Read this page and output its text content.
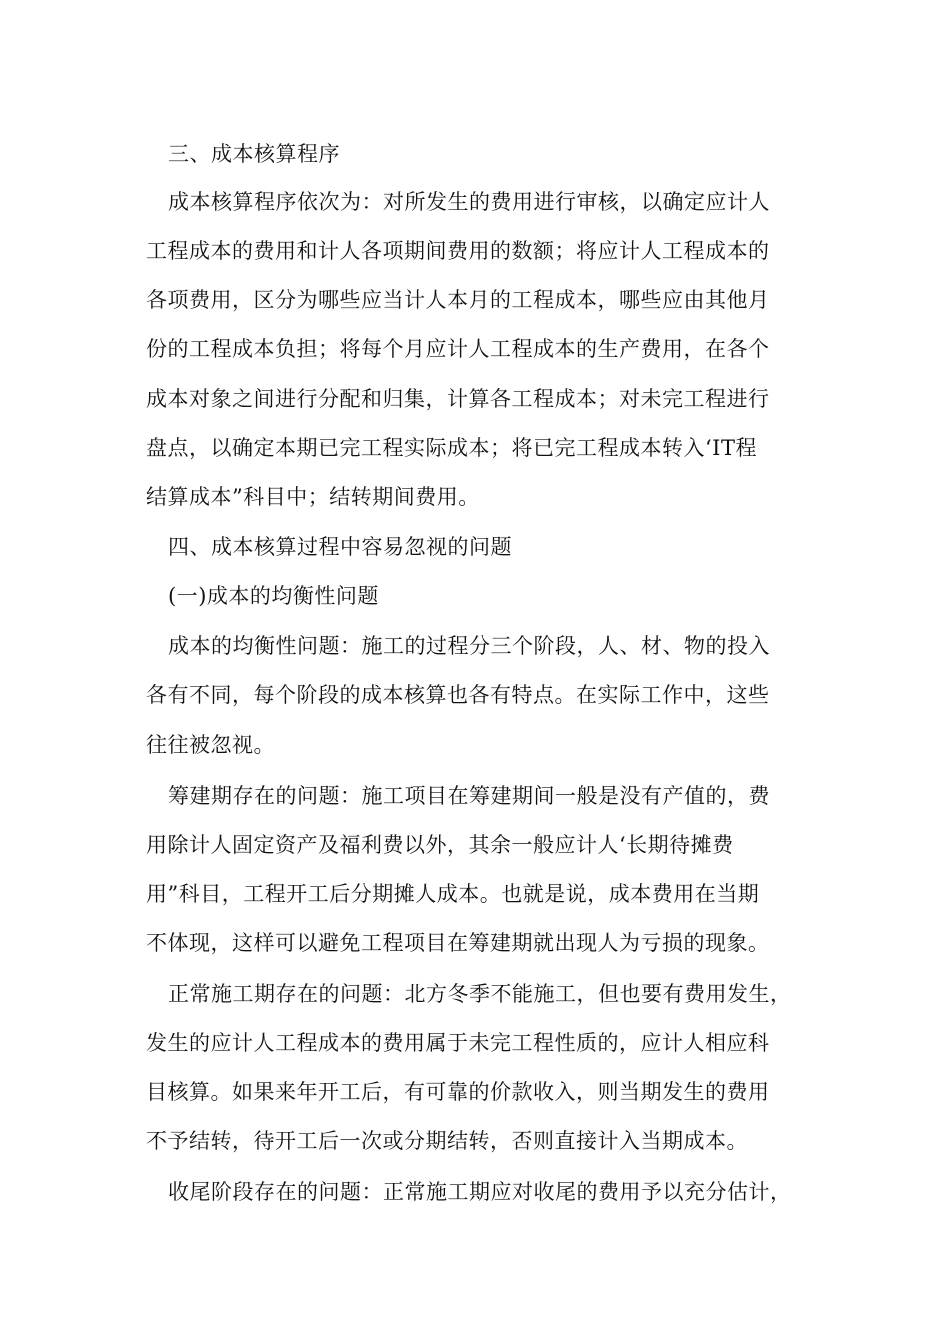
三、成本核算程序
成本核算程序依次为：对所发生的费用进行审核，以确定应计人
工程成本的费用和计人各项期间费用的数额；将应计人工程成本的
各项费用，区分为哪些应当计人本月的工程成本，哪些应由其他月
份的工程成本负担；将每个月应计人工程成本的生产费用，在各个
成本对象之间进行分配和归集，计算各工程成本；对未完工程进行
盘点，以确定本期已完工程实际成本；将已完工程成本转入‘IT程
结算成本”科目中；结转期间费用。
四、成本核算过程中容易忽视的问题
(一)成本的均衡性问题
成本的均衡性问题：施工的过程分三个阶段，人、材、物的投入
各有不同，每个阶段的成本核算也各有特点。在实际工作中，这些
往往被忽视。
筹建期存在的问题：施工项目在筹建期间一般是没有产值的，费
用除计人固定资产及福利费以外，其余一般应计人‘长期待摊费
用”科目，工程开工后分期摊人成本。也就是说，成本费用在当期
不体现，这样可以避免工程项目在筹建期就出现人为亏损的现象。
正常施工期存在的问题：北方冬季不能施工，但也要有费用发生，
发生的应计人工程成本的费用属于未完工程性质的，应计人相应科
目核算。如果来年开工后，有可靠的价款收入，则当期发生的费用
不予结转，待开工后一次或分期结转，否则直接计入当期成本。
收尾阶段存在的问题：正常施工期应对收尾的费用予以充分估计，
